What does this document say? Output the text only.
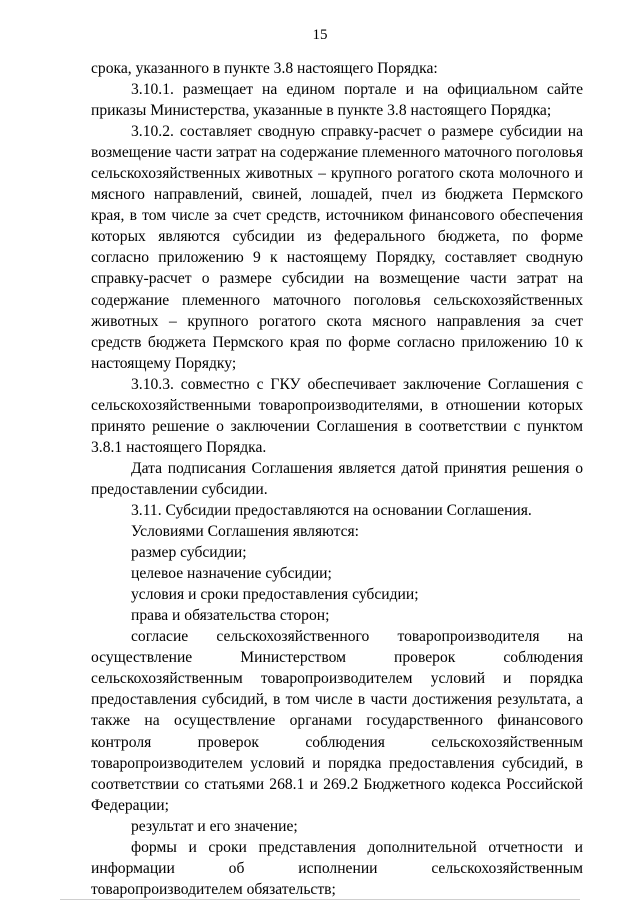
15

срока, указанного в пункте 3.8 настоящего Порядка:

3.10.1. размещает на едином портале и на официальном сайте приказы Министерства, указанные в пункте 3.8 настоящего Порядка;

3.10.2. составляет сводную справку-расчет о размере субсидии на возмещение части затрат на содержание племенного маточного поголовья сельскохозяйственных животных – крупного рогатого скота молочного и мясного направлений, свиней, лошадей, пчел из бюджета Пермского края, в том числе за счет средств, источником финансового обеспечения которых являются субсидии из федерального бюджета, по форме согласно приложению 9 к настоящему Порядку, составляет сводную справку-расчет о размере субсидии на возмещение части затрат на содержание племенного маточного поголовья сельскохозяйственных животных – крупного рогатого скота мясного направления за счет средств бюджета Пермского края по форме согласно приложению 10 к настоящему Порядку;

3.10.3. совместно с ГКУ обеспечивает заключение Соглашения с сельскохозяйственными товаропроизводителями, в отношении которых принято решение о заключении Соглашения в соответствии с пунктом 3.8.1 настоящего Порядка.

Дата подписания Соглашения является датой принятия решения о предоставлении субсидии.

3.11. Субсидии предоставляются на основании Соглашения.

Условиями Соглашения являются:

размер субсидии;

целевое назначение субсидии;

условия и сроки предоставления субсидии;

права и обязательства сторон;

согласие сельскохозяйственного товаропроизводителя на осуществление Министерством проверок соблюдения сельскохозяйственным товаропроизводителем условий и порядка предоставления субсидий, в том числе в части достижения результата, а также на осуществление органами государственного финансового контроля проверок соблюдения сельскохозяйственным товаропроизводителем условий и порядка предоставления субсидий, в соответствии со статьями 268.1 и 269.2 Бюджетного кодекса Российской Федерации;

результат и его значение;

формы и сроки представления дополнительной отчетности и информации об исполнении сельскохозяйственным товаропроизводителем обязательств;
